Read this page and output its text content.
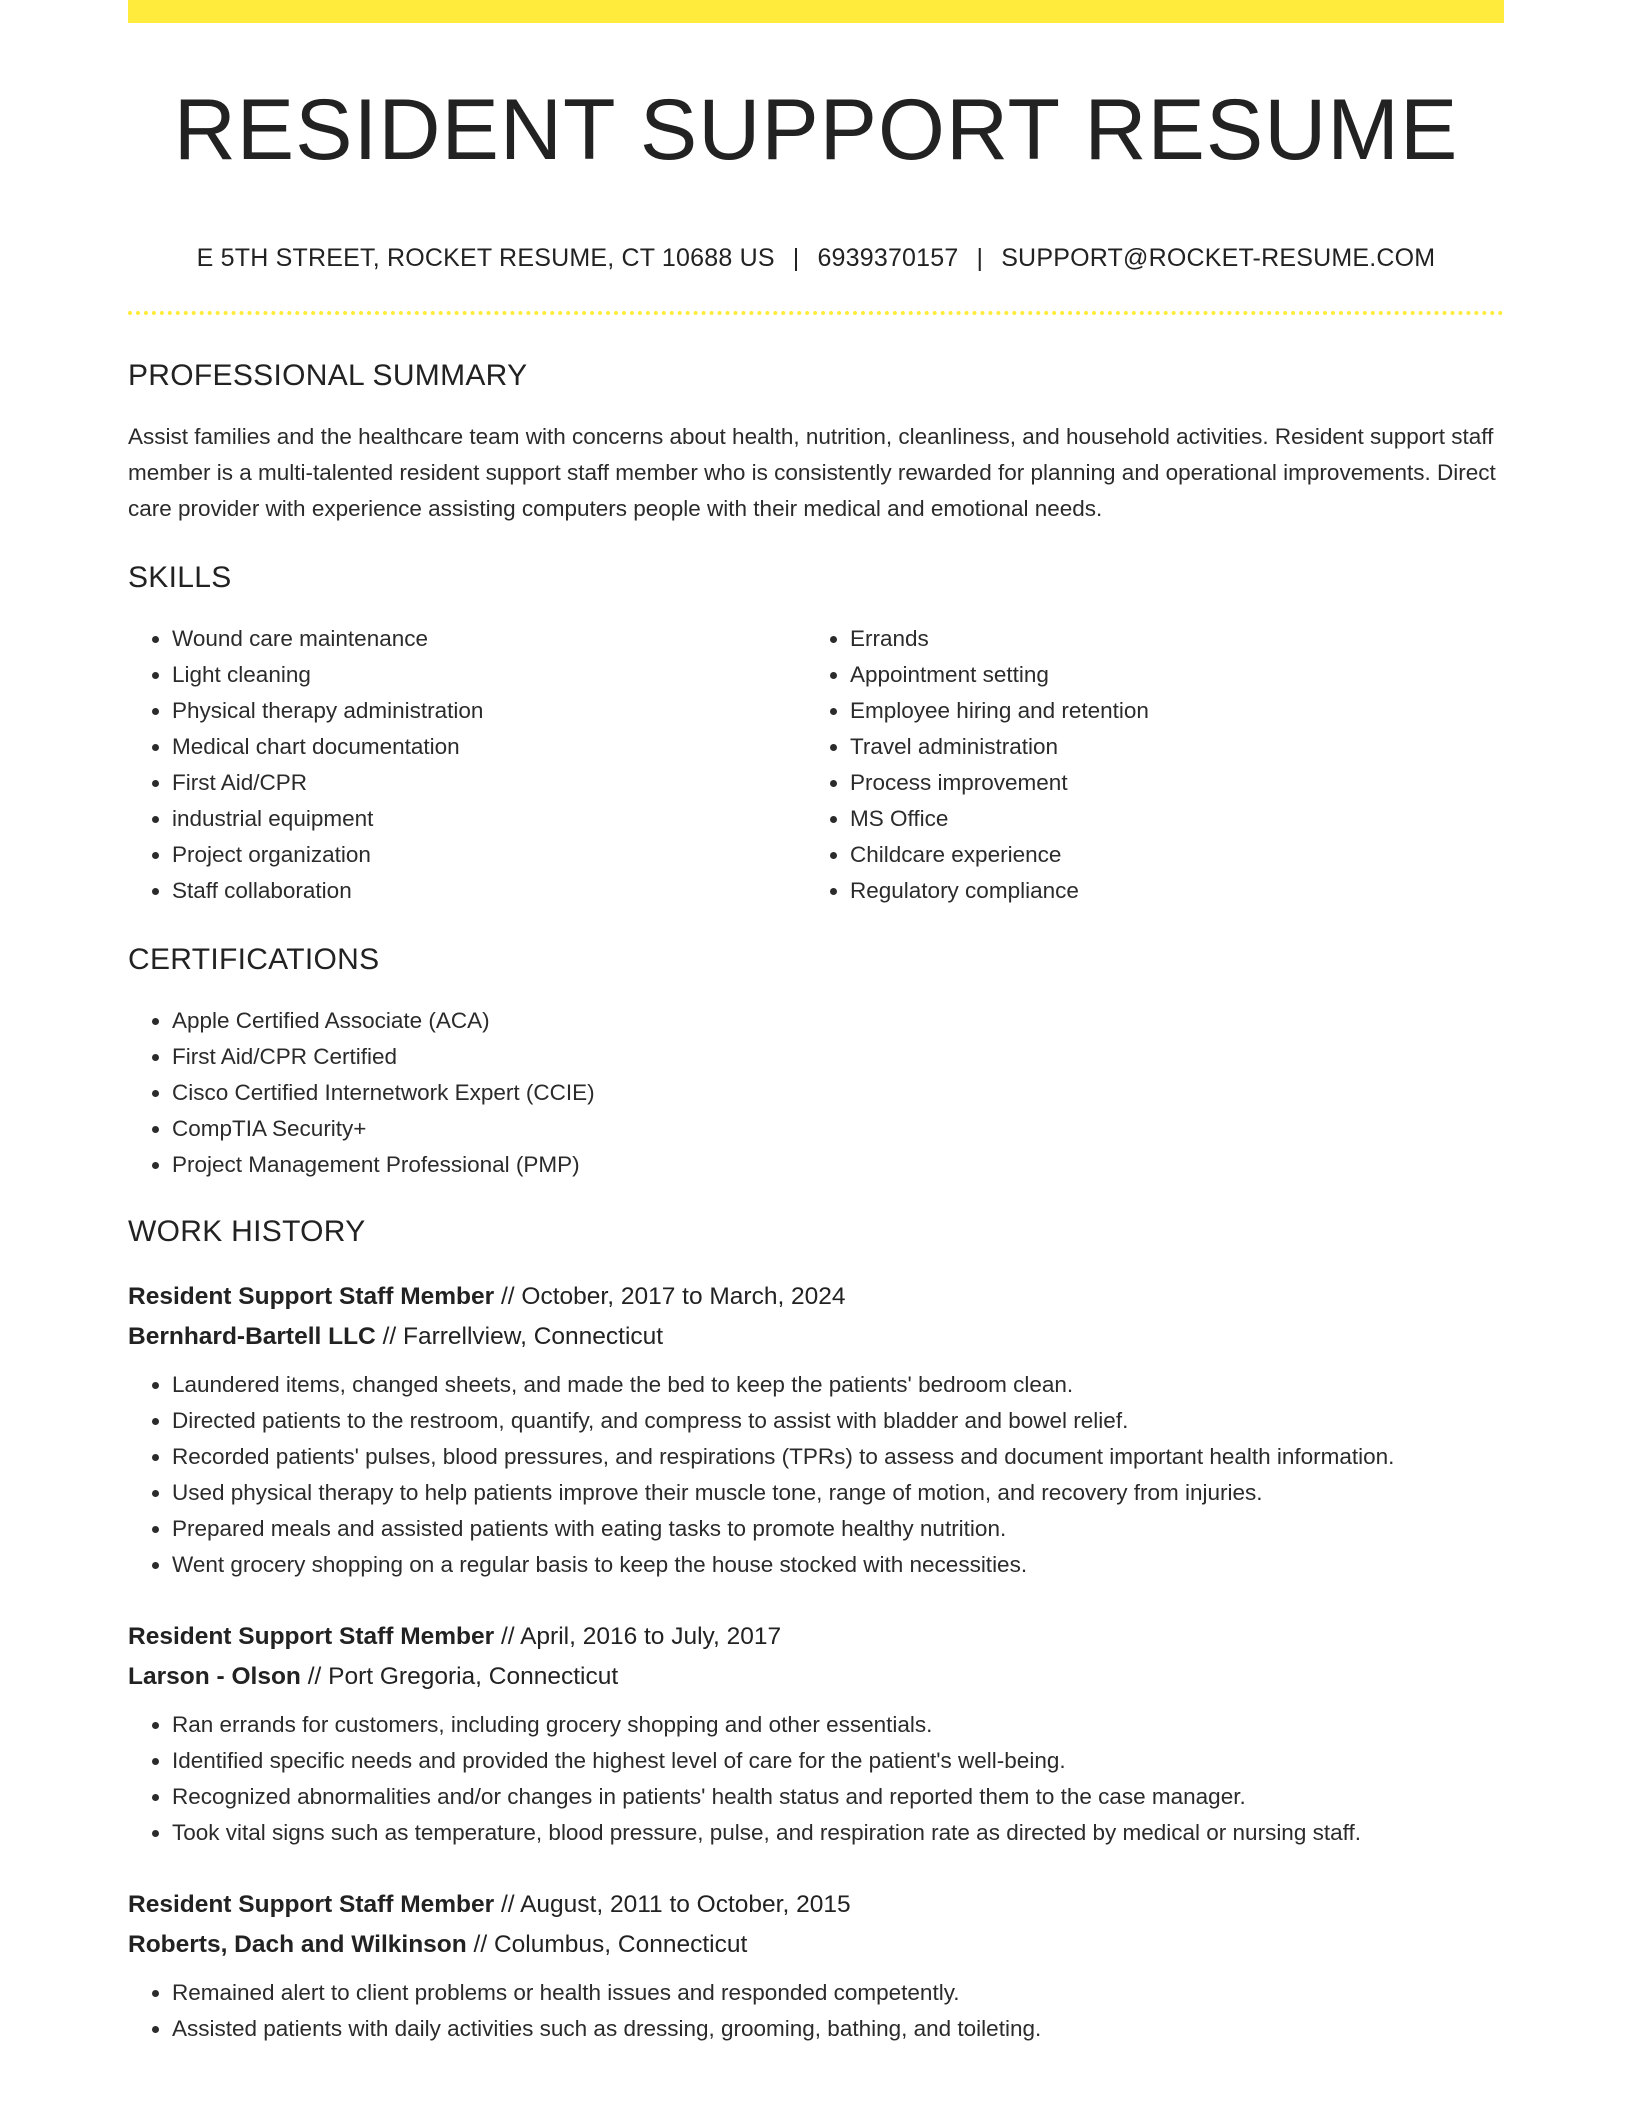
RESIDENT SUPPORT RESUME
E 5TH STREET, ROCKET RESUME, CT 10688 US | 6939370157 | SUPPORT@ROCKET-RESUME.COM
PROFESSIONAL SUMMARY

Assist families and the healthcare team with concerns about health, nutrition, cleanliness, and household activities. Resident support staff member is a multi-talented resident support staff member who is consistently rewarded for planning and operational improvements. Direct care provider with experience assisting computers people with their medical and emotional needs.

SKILLS
• Wound care maintenance
• Light cleaning
• Physical therapy administration
• Medical chart documentation
• First Aid/CPR
• industrial equipment
• Project organization
• Staff collaboration
• Errands
• Appointment setting
• Employee hiring and retention
• Travel administration
• Process improvement
• MS Office
• Childcare experience
• Regulatory compliance
CERTIFICATIONS
• Apple Certified Associate (ACA)
• First Aid/CPR Certified
• Cisco Certified Internetwork Expert (CCIE)
• CompTIA Security+
• Project Management Professional (PMP)
WORK HISTORY
Resident Support Staff Member // October, 2017 to March, 2024
Bernhard-Bartell LLC // Farrellview, Connecticut
• Laundered items, changed sheets, and made the bed to keep the patients' bedroom clean.
• Directed patients to the restroom, quantify, and compress to assist with bladder and bowel relief.
• Recorded patients' pulses, blood pressures, and respirations (TPRs) to assess and document important health information.
• Used physical therapy to help patients improve their muscle tone, range of motion, and recovery from injuries.
• Prepared meals and assisted patients with eating tasks to promote healthy nutrition.
• Went grocery shopping on a regular basis to keep the house stocked with necessities.
Resident Support Staff Member // April, 2016 to July, 2017
Larson - Olson // Port Gregoria, Connecticut
• Ran errands for customers, including grocery shopping and other essentials.
• Identified specific needs and provided the highest level of care for the patient's well-being.
• Recognized abnormalities and/or changes in patients' health status and reported them to the case manager.
• Took vital signs such as temperature, blood pressure, pulse, and respiration rate as directed by medical or nursing staff.
Resident Support Staff Member // August, 2011 to October, 2015
Roberts, Dach and Wilkinson // Columbus, Connecticut
• Remained alert to client problems or health issues and responded competently.
• Assisted patients with daily activities such as dressing, grooming, bathing, and toileting.
